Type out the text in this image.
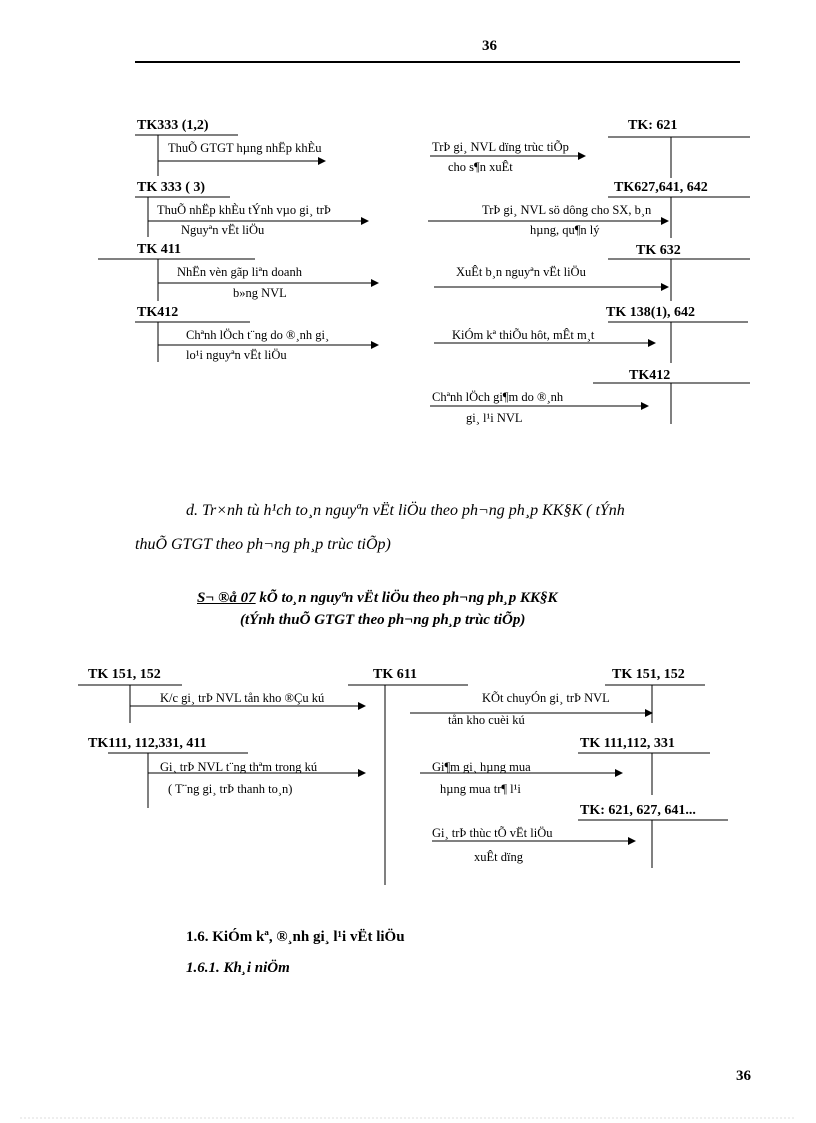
36
TK333 (1,2)
ThuÕ GTGT hµng nhËp khÈu
TK 333 ( 3)
ThuÕ nhËp khÈu tÝnh vµo gi¸ trÞ
Nguyªn vËt liÖu
TK 411
NhËn vèn gãp liªn doanh
b»ng NVL
TK412
Chªnh lÖch t¨ng do ®¸nh gi¸
lo¹i nguyªn vËt liÖu
TK: 621
TrÞ gi¸ NVL dïng trùc tiÕp
cho s¶n xuÊt
TK627,641, 642
TrÞ gi¸ NVL sö dông cho SX, b¸n
hµng, qu¶n lý
TK 632
XuÊt b¸n nguyªn vËt liÖu
TK 138(1), 642
KiÓm kª thiÕu hôt, mÊt m¸t
TK412
Chªnh lÖch gi¶m do ®¸nh
gi¸ l¹i NVL
d. Tr×nh tù h¹ch to¸n nguyªn vËt liÖu theo ph¬ng ph¸p KK§K ( tÝnh
thuÕ GTGT theo ph¬ng ph¸p trùc tiÕp)
S¬ ®å 07 kÕ to¸n nguyªn vËt liÖu theo ph¬ng ph¸p KK§K
(tÝnh thuÕ GTGT theo ph¬ng ph¸p trùc tiÕp)
TK 151, 152	TK 611	TK 151, 152
K/c gi¸ trÞ NVL tån kho ®Çu kú	KÕt chuyÓn gi¸ trÞ NVL
tån kho cuèi kú
TK111, 112,331, 411	TK 111,112, 331
Gi¸ trÞ NVL t¨ng thªm trong kú
( T¨ng gi¸ trÞ thanh to¸n)
Gi¶m gi¸ hµng mua
hµng mua tr¶ l¹i
TK: 621, 627, 641...
Gi¸ trÞ thùc tÕ vËt liÖu
xuÊt dïng
1.6. KiÓm kª, ®¸nh gi¸ l¹i vËt liÖu
1.6.1. Kh¸i niÖm
36
